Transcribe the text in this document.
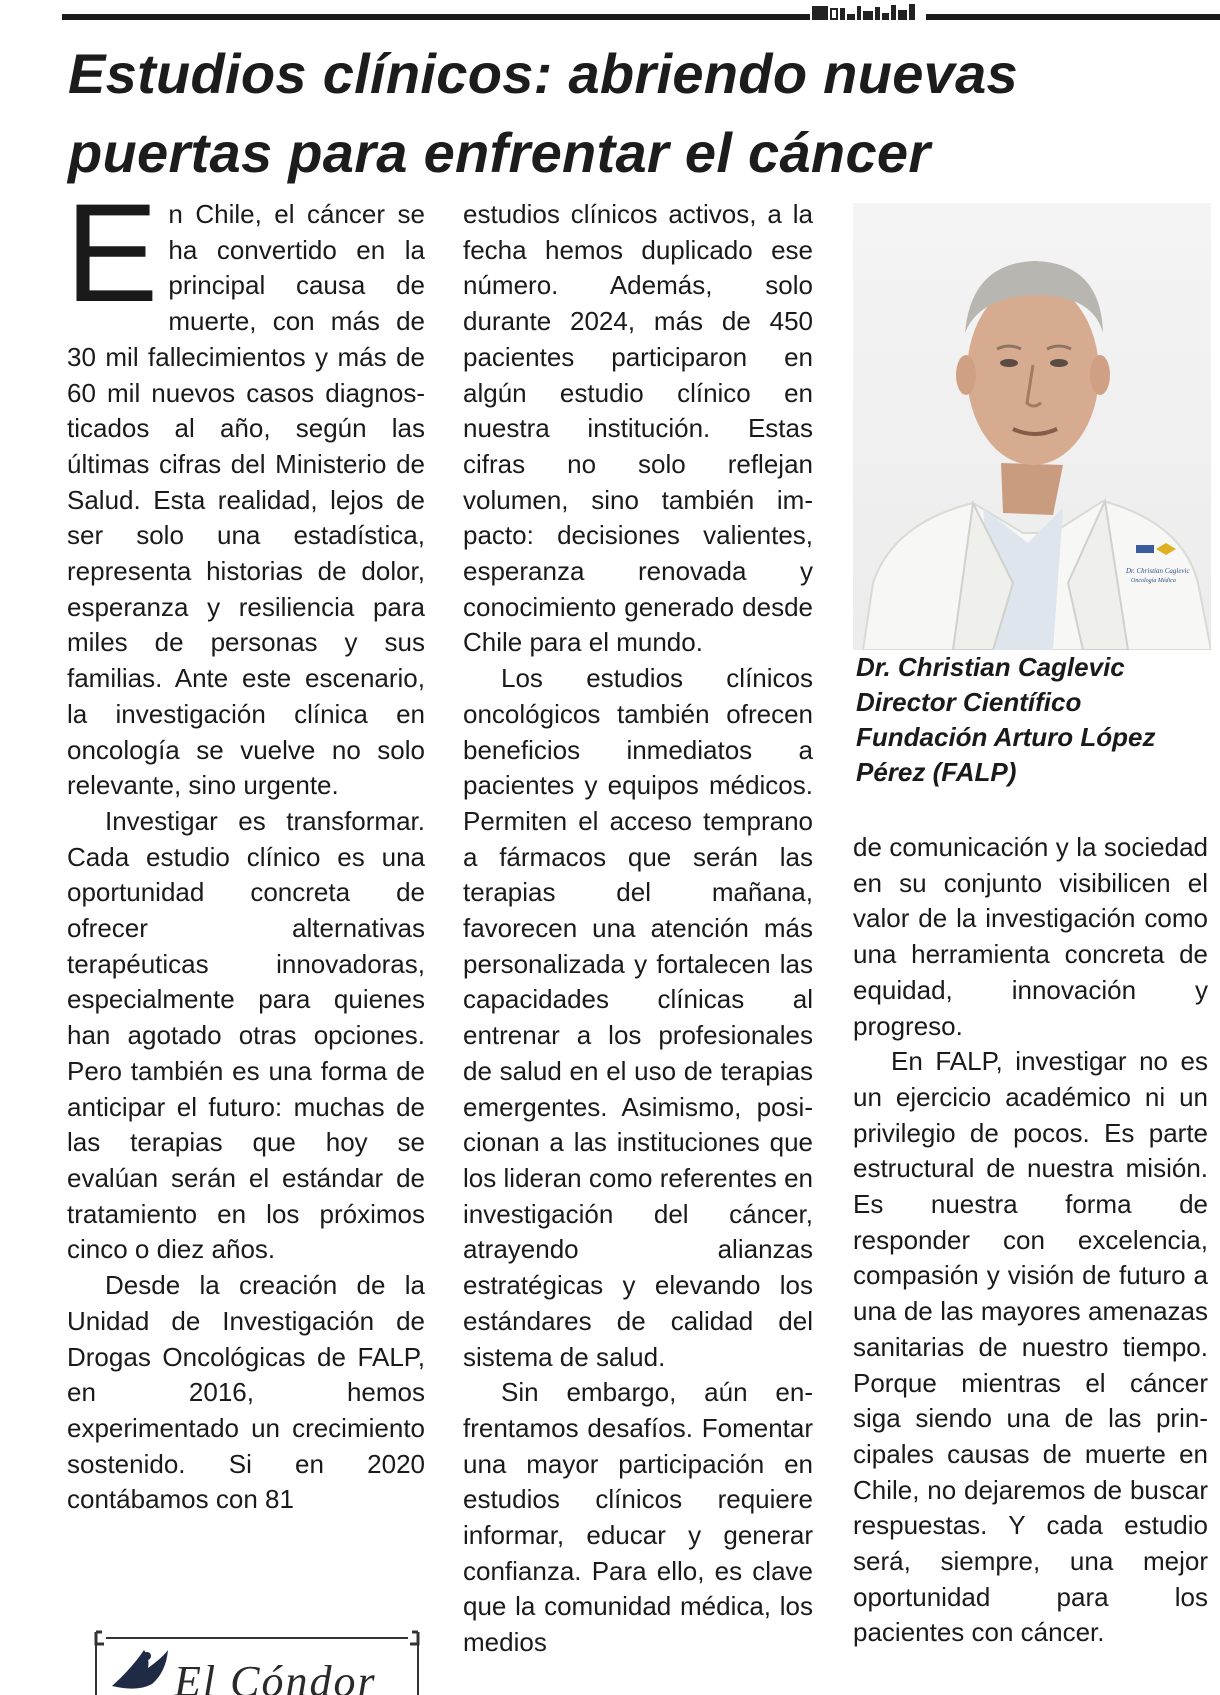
Estudios clínicos: abriendo nuevas puertas para enfrentar el cáncer

En Chile, el cáncer se ha convertido en la principal causa de muerte, con más de 30 mil fallecimientos y más de 60 mil nuevos casos diagnosticados al año, según las últimas cifras del Ministerio de Salud. Esta realidad, lejos de ser solo una estadística, representa historias de dolor, esperanza y resiliencia para miles de personas y sus familias. Ante este escenario, la investigación clínica en oncología se vuelve no solo relevante, sino urgente.

Investigar es transformar. Cada estudio clínico es una oportunidad concreta de ofrecer alternativas terapéuticas innovadoras, especialmente para quienes han agotado otras opciones. Pero también es una forma de anticipar el futuro: muchas de las terapias que hoy se evalúan serán el estándar de tratamiento en los próximos cinco o diez años.

Desde la creación de la Unidad de Investigación de Drogas Oncológicas de FALP, en 2016, hemos experimentado un crecimiento sostenido. Si en 2020 contábamos con 81

estudios clínicos activos, a la fecha hemos duplicado ese número. Además, solo durante 2024, más de 450 pacientes participaron en algún estudio clínico en nuestra institución. Estas cifras no solo reflejan volumen, sino también impacto: decisiones valientes, esperanza renovada y conocimiento generado desde Chile para el mundo.

Los estudios clínicos oncológicos también ofrecen beneficios inmediatos a pacientes y equipos médicos. Permiten el acceso temprano a fármacos que serán las terapias del mañana, favorecen una atención más personalizada y fortalecen las capacidades clínicas al entrenar a los profesionales de salud en el uso de terapias emergentes. Asimismo, posicionan a las instituciones que los lideran como referentes en investigación del cáncer, atrayendo alianzas estratégicas y elevando los estándares de calidad del sistema de salud.

Sin embargo, aún enfrentamos desafíos. Fomentar una mayor participación en estudios clínicos requiere informar, educar y generar confianza. Para ello, es clave que la comunidad médica, los medios

Dr. Christian Caglevic
Oncología Médica
Dr. Christian Caglevic
Director Científico
Fundación Arturo López
Pérez (FALP)

de comunicación y la sociedad en su conjunto visibilicen el valor de la investigación como una herramienta concreta de equidad, innovación y progreso.

En FALP, investigar no es un ejercicio académico ni un privilegio de pocos. Es parte estructural de nuestra misión. Es nuestra forma de responder con excelencia, compasión y visión de futuro a una de las mayores amenazas sanitarias de nuestro tiempo. Porque mientras el cáncer siga siendo una de las principales causas de muerte en Chile, no dejaremos de buscar respuestas. Y cada estudio será, siempre, una mejor oportunidad para los pacientes con cáncer.

El Cóndor
